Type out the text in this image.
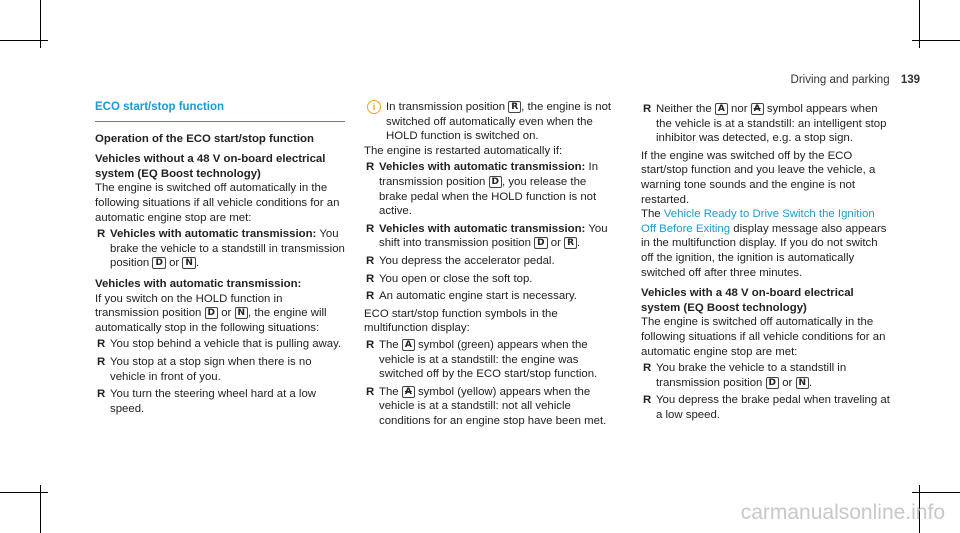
Driving and parking 139
ECO start/stop function
Operation of the ECO start/stop function
Vehicles without a 48 V on-board electrical system (EQ Boost technology)

The engine is switched off automatically in the following situations if all vehicle conditions for an automatic engine stop are met:

R Vehicles with automatic transmission: You brake the vehicle to a standstill in transmission position D or N .
Vehicles with automatic transmission:

If you switch on the HOLD function in transmission position D or N , the engine will automatically stop in the following situations:

R You stop behind a vehicle that is pulling away.
R You stop at a stop sign when there is no vehicle in front of you.
R You turn the steering wheel hard at a low speed.
i In transmission position R , the engine is not switched off automatically even when the HOLD function is switched on.

The engine is restarted automatically if:

R Vehicles with automatic transmission: In transmission position D , you release the brake pedal when the HOLD function is not active.
R Vehicles with automatic transmission: You shift into transmission position D or R .
R You depress the accelerator pedal.
R You open or close the soft top.
R An automatic engine start is necessary.

ECO start/stop function symbols in the multifunction display:

R The A symbol (green) appears when the vehicle is at a standstill: the engine was switched off by the ECO start/stop function.
R The A symbol (yellow) appears when the vehicle is at a standstill: not all vehicle conditions for an engine stop have been met.
R Neither the A nor A symbol appears when the vehicle is at a standstill: an intelligent stop inhibitor was detected, e.g. a stop sign.

If the engine was switched off by the ECO start/stop function and you leave the vehicle, a warning tone sounds and the engine is not restarted.

The Vehicle Ready to Drive Switch the Ignition Off Before Exiting display message also appears in the multifunction display. If you do not switch off the ignition, the ignition is automatically switched off after three minutes.

Vehicles with a 48 V on-board electrical system (EQ Boost technology)

The engine is switched off automatically in the following situations if all vehicle conditions for an automatic engine stop are met:

R You brake the vehicle to a standstill in transmission position D or N .
R You depress the brake pedal when traveling at a low speed.
carmanualsonline.info
